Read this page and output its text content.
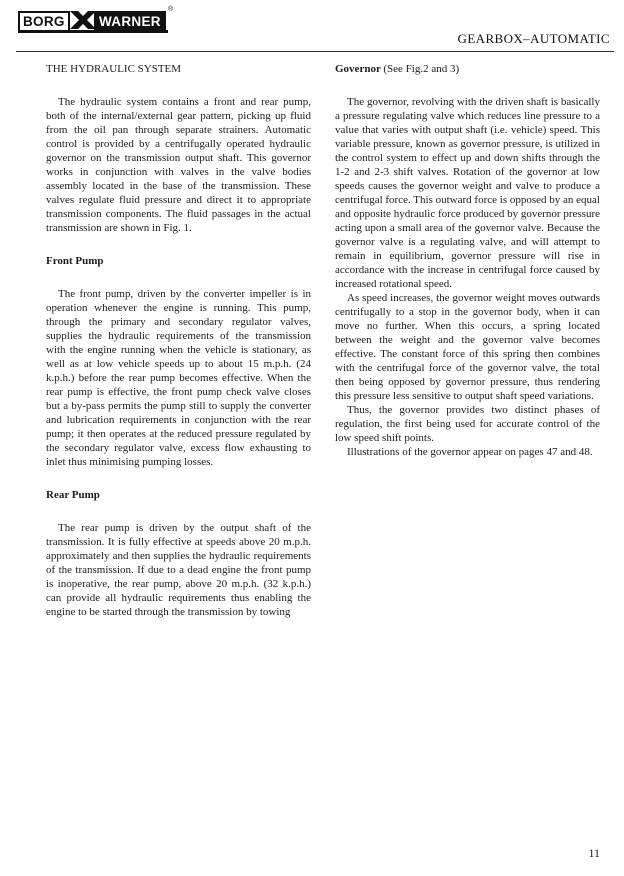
BORG	WARNER
®
GEARBOX–AUTOMATIC

THE HYDRAULIC SYSTEM

The hydraulic system contains a front and rear pump, both of the internal/external gear pattern, picking up fluid from the oil pan through separate strainers. Automatic control is provided by a centrifugally operated hydraulic governor on the transmission output shaft. This governor works in conjunction with valves in the valve bodies assembly located in the base of the transmission. These valves regulate fluid pressure and direct it to appropriate transmission components. The fluid passages in the actual transmission are shown in Fig. 1.

Front Pump

The front pump, driven by the converter impeller is in operation whenever the engine is running. This pump, through the primary and secondary regulator valves, supplies the hydraulic requirements of the transmission with the engine running when the vehicle is stationary, as well as at low vehicle speeds up to about 15 m.p.h. (24 k.p.h.) before the rear pump becomes effective. When the rear pump is effective, the front pump check valve closes but a by-pass permits the pump still to supply the converter and lubrication requirements in conjunction with the rear pump; it then operates at the reduced pressure regulated by the secondary regulator valve, excess flow exhausting to inlet thus minimising pumping losses.

Rear Pump

The rear pump is driven by the output shaft of the transmission. It is fully effective at speeds above 20 m.p.h. approximately and then supplies the hydraulic requirements of the transmission. If due to a dead engine the front pump is inoperative, the rear pump, above 20 m.p.h. (32 k.p.h.) can provide all hydraulic requirements thus enabling the engine to be started through the transmission by towing

Governor (See Fig.2 and 3)

The governor, revolving with the driven shaft is basically a pressure regulating valve which reduces line pressure to a value that varies with output shaft (i.e. vehicle) speed. This variable pressure, known as governor pressure, is utilized in the control system to effect up and down shifts through the 1-2 and 2-3 shift valves. Rotation of the governor at low speeds causes the governor weight and valve to produce a centrifugal force. This outward force is opposed by an equal and opposite hydraulic force produced by governor pressure acting upon a small area of the governor valve. Because the governor valve is a regulating valve, and will attempt to remain in equilibrium, governor pressure will rise in accordance with the increase in centrifugal force caused by increased rotational speed.

As speed increases, the governor weight moves outwards centrifugally to a stop in the governor body, when it can move no further. When this occurs, a spring located between the weight and the governor valve becomes effective. The constant force of this spring then combines with the centrifugal force of the governor valve, the total then being opposed by governor pressure, thus rendering this pressure less sensitive to output shaft speed variations.

Thus, the governor provides two distinct phases of regulation, the first being used for accurate control of the low speed shift points.

Illustrations of the governor appear on pages 47 and 48.

11
